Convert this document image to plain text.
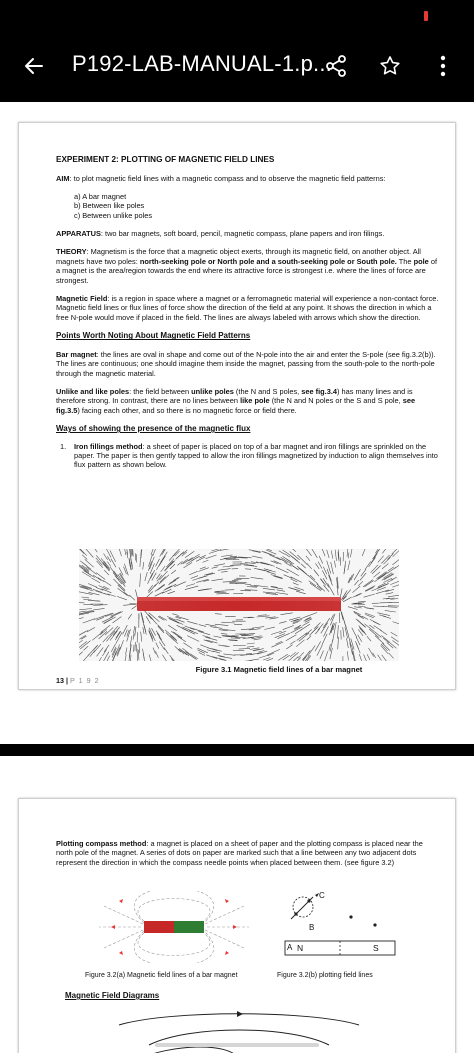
P192-LAB-MANUAL-1.p...
EXPERIMENT 2: PLOTTING OF MAGNETIC FIELD LINES
AIM: to plot magnetic field lines with a magnetic compass and to observe the magnetic field patterns:
a) A bar magnet
b) Between like poles
c) Between unlike poles
APPARATUS: two bar magnets, soft board, pencil, magnetic compass, plane papers and iron filings.
THEORY: Magnetism is the force that a magnetic object exerts, through its magnetic field, on another object. All magnets have two poles: north-seeking pole or North pole and a south-seeking pole or South pole. The pole of a magnet is the area/region towards the end where its attractive force is strongest i.e. where the lines of force are strongest.
Magnetic Field: is a region in space where a magnet or a ferromagnetic material will experience a non-contact force. Magnetic field lines or flux lines of force show the direction of the field at any point. It shows the direction in which a free N-pole would move if placed in the field. The lines are always labeled with arrows which show the direction.
Points Worth Noting About Magnetic Field Patterns
Bar magnet: the lines are oval in shape and come out of the N-pole into the air and enter the S-pole (see fig.3.2(b)). The lines are continuous; one should imagine them inside the magnet, passing from the south-pole to the north-pole through the magnetic material.
Unlike and like poles: the field between unlike poles (the N and S poles, see fig.3.4) has many lines and is therefore strong. In contrast, there are no lines between like pole (the N and N poles or the S and S pole, see fig.3.5) facing each other, and so there is no magnetic force or field there.
Ways of showing the presence of the magnetic flux
1.	Iron fillings method: a sheet of paper is placed on top of a bar magnet and iron fillings are sprinkled on the paper. The paper is then gently tapped to allow the iron fillings magnetized by induction to align themselves into flux pattern as shown below.
Figure 3.1 Magnetic field lines of a bar magnet
13 | P 1 9 2
Plotting compass method: a magnet is placed on a sheet of paper and the plotting compass is placed near the north pole of the magnet. A series of dots on paper are marked such that a line between any two adjacent dots represent the direction in which the compass needle points when placed between them. (see figure 3.2)
B
C
A N	S
Figure 3.2(a) Magnetic field lines of a bar magnet	Figure 3.2(b) plotting field lines
Magnetic Field Diagrams
